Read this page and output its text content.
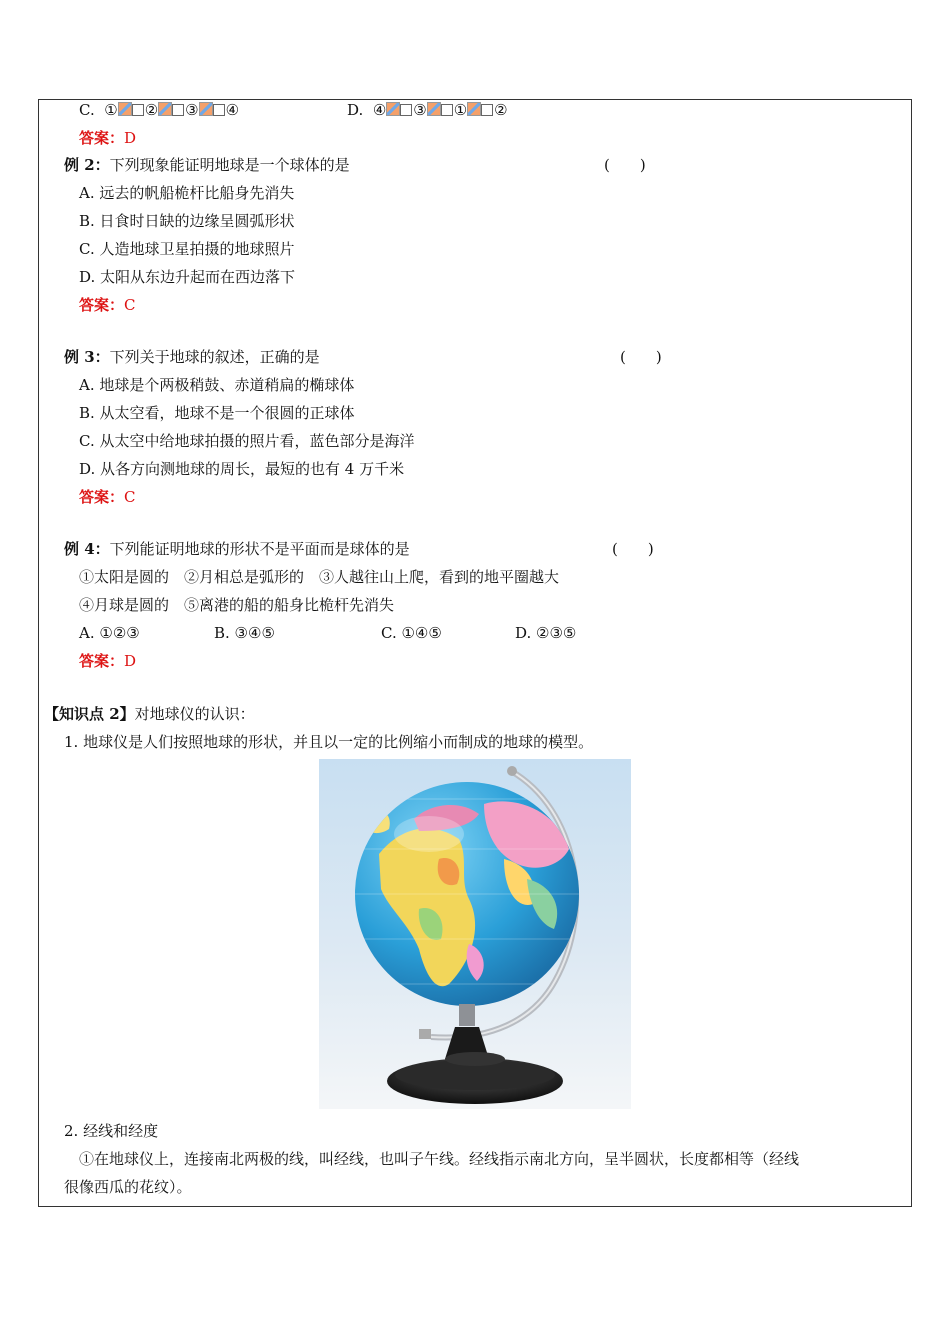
C. ① ② ③ ④	D. ④ ③ ① ②
答案：D
例 2：下列现象能证明地球是一个球体的是	(　　)
A. 远去的帆船桅杆比船身先消失
B. 日食时日缺的边缘呈圆弧形状
C. 人造地球卫星拍摄的地球照片
D. 太阳从东边升起而在西边落下
答案：C
例 3：下列关于地球的叙述，正确的是	(　　)
A. 地球是个两极稍鼓、赤道稍扁的椭球体
B. 从太空看，地球不是一个很圆的正球体
C. 从太空中给地球拍摄的照片看，蓝色部分是海洋
D. 从各方向测地球的周长，最短的也有 4 万千米
答案：C
例 4：下列能证明地球的形状不是平面而是球体的是	(　　)
①太阳是圆的　②月相总是弧形的　③人越往山上爬，看到的地平圈越大
④月球是圆的　⑤离港的船的船身比桅杆先消失
A. ①②③	B. ③④⑤	C. ①④⑤	D. ②③⑤
答案：D
【知识点 2】对地球仪的认识：
1. 地球仪是人们按照地球的形状，并且以一定的比例缩小而制成的地球的模型。
2. 经线和经度
①在地球仪上，连接南北两极的线，叫经线，也叫子午线。经线指示南北方向，呈半圆状，长度都相等（经线
很像西瓜的花纹）。
